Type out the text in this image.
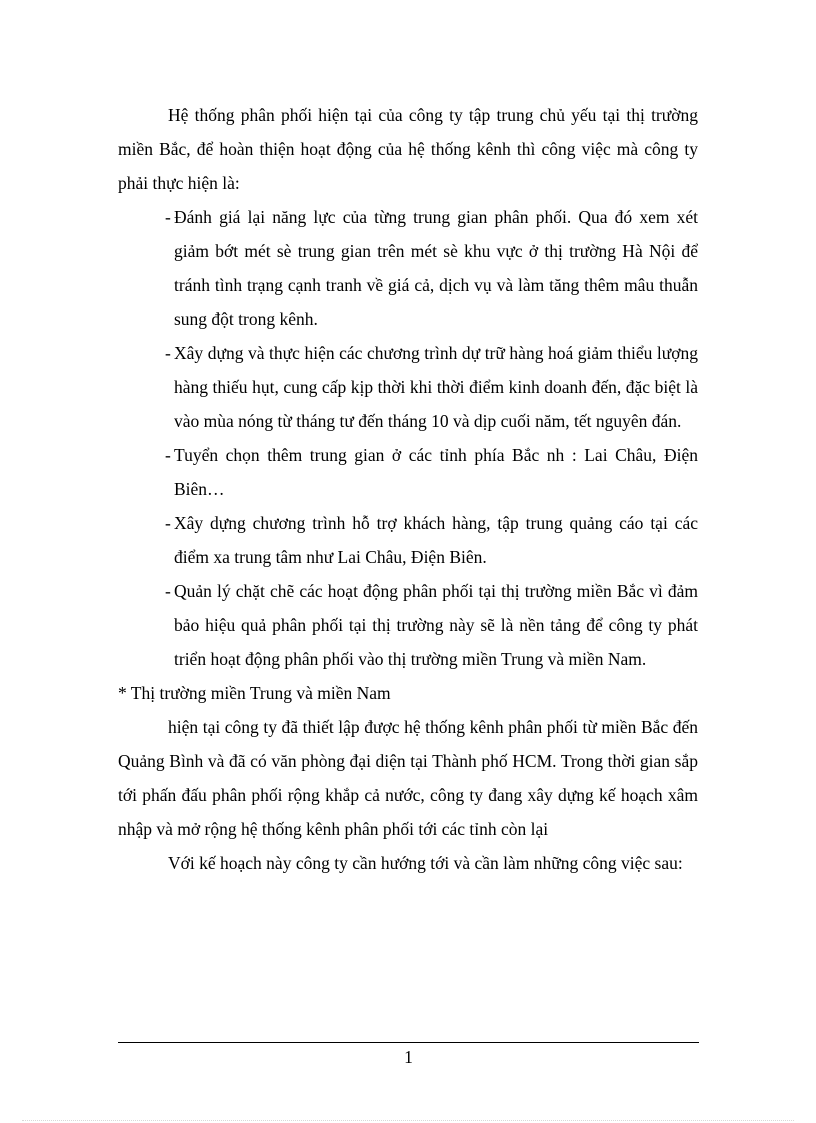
Hệ thống phân phối hiện tại của công ty tập trung chủ yếu tại thị trường miền Bắc, để hoàn thiện hoạt động của hệ thống kênh thì công việc mà công ty phải thực hiện là:

- Đánh giá lại năng lực của từng trung gian phân phối. Qua đó xem xét giảm bớt mét sè trung gian trên mét sè khu vực ở thị trường Hà Nội để tránh tình trạng cạnh tranh về giá cả, dịch vụ và làm tăng thêm mâu thuẫn sung đột trong kênh.
- Xây dựng và thực hiện các chương trình dự trữ hàng hoá giảm thiểu lượng hàng thiếu hụt, cung cấp kịp thời khi thời điểm kinh doanh đến, đặc biệt là vào mùa nóng từ tháng tư đến tháng 10 và dịp cuối năm, tết nguyên đán.
- Tuyển chọn thêm trung gian ở các tỉnh phía Bắc nh : Lai Châu, Điện Biên…
- Xây dựng chương trình hỗ trợ khách hàng, tập trung quảng cáo tại các điểm xa trung tâm như Lai Châu, Điện Biên.
- Quản lý chặt chẽ các hoạt động phân phối tại thị trường miền Bắc vì đảm bảo hiệu quả phân phối tại thị trường này sẽ là nền tảng để công ty phát triển hoạt động phân phối vào thị trường miền Trung và miền Nam.

* Thị trường miền Trung và miền Nam

hiện tại công ty đã thiết lập được hệ thống kênh phân phối từ miền Bắc đến Quảng Bình và đã có văn phòng đại diện tại Thành phố HCM. Trong thời gian sắp tới phấn đấu phân phối rộng khắp cả nước, công ty đang xây dựng kế hoạch xâm nhập và mở rộng hệ thống kênh phân phối tới các tỉnh còn lại

Với kế hoạch này công ty cần hướng tới và cần làm những công việc sau:

1
